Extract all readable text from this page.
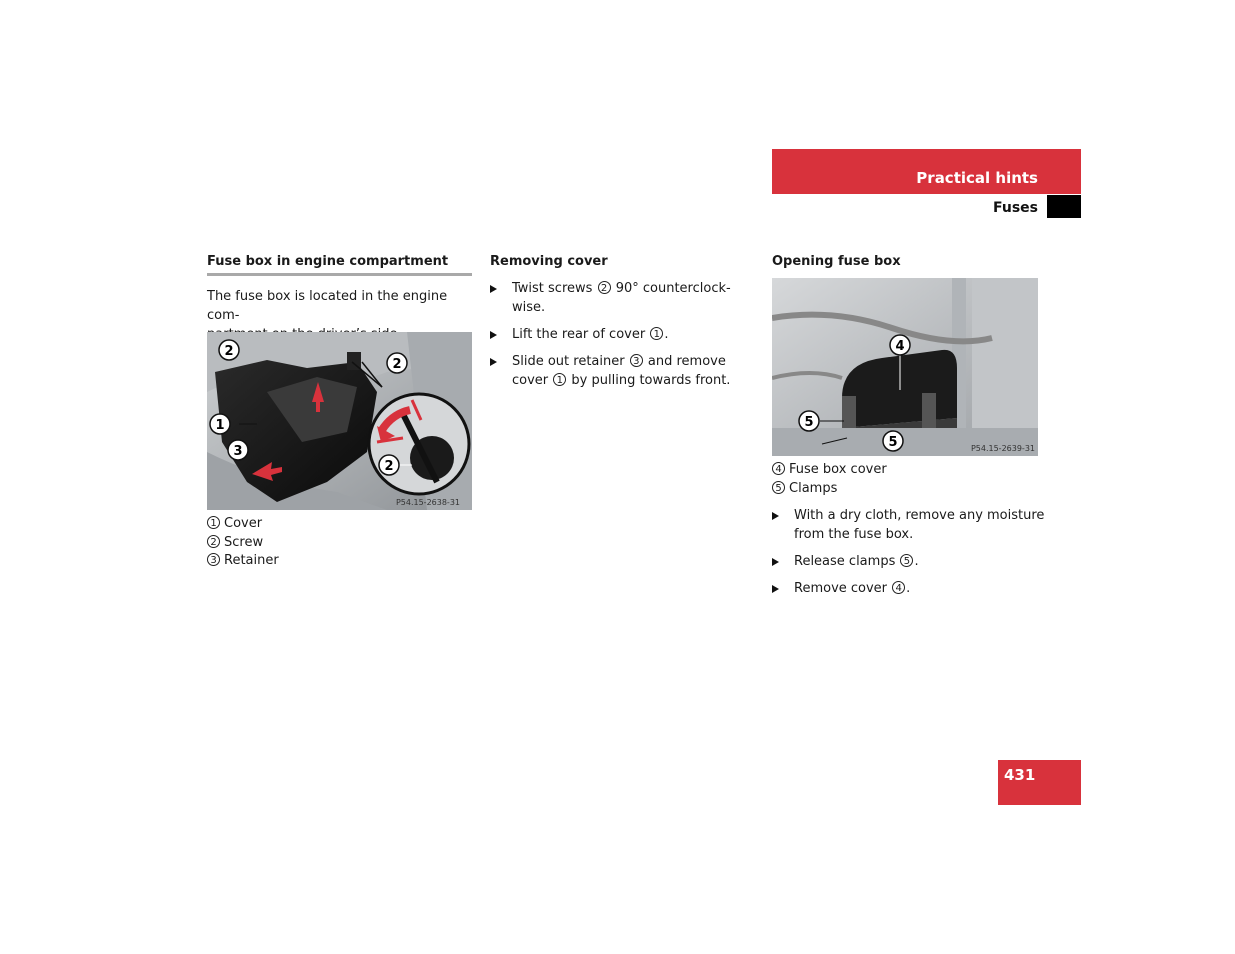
Practical hints
Fuses
Fuse box in engine compartment
The fuse box is located in the engine com-
P54.15-2638-31
2
2
1
3
2
1 Cover
2 Screw
3 Retainer
Removing cover
Twist screws 2 90° counterclock-
wise.
Lift the rear of cover 1 .
Slide out retainer 3 and remove
cover 1 by pulling towards front.
Opening fuse box
P54.15-2639-31
4
5
5
4 Fuse box cover
5 Clamps
With a dry cloth, remove any moisture
from the fuse box.
Release clamps 5 .
Remove cover 4 .
431
